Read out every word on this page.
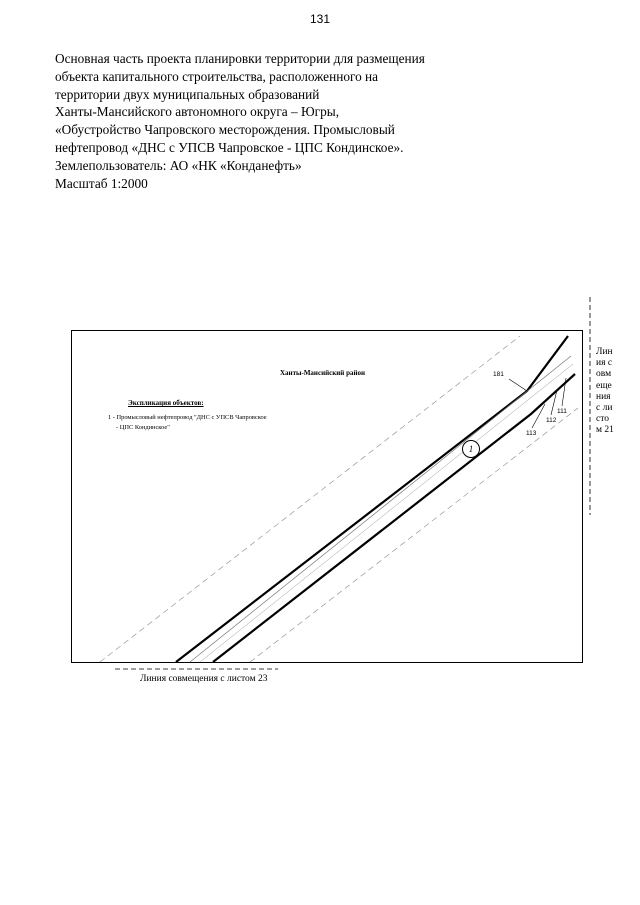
131
Основная часть проекта планировки территории для размещения
объекта капитального строительства, расположенного на
территории двух муниципальных образований
Ханты-Мансийского автономного округа – Югры,
«Обустройство Чапровского месторождения. Промысловый
нефтепровод «ДНС с УПСВ Чапровское - ЦПС Кондинское».
Землепользователь: АО «НК «Конданефть»
Масштаб 1:2000
Ханты-Мансийский район
Экспликация объектов:
1 - Промысловый нефтепровод "ДНС с УПСВ Чапровское
- ЦПС Кондинское"
181
111
112
113
1
Линия совмещения с листом 21
Линия совмещения с листом 23
